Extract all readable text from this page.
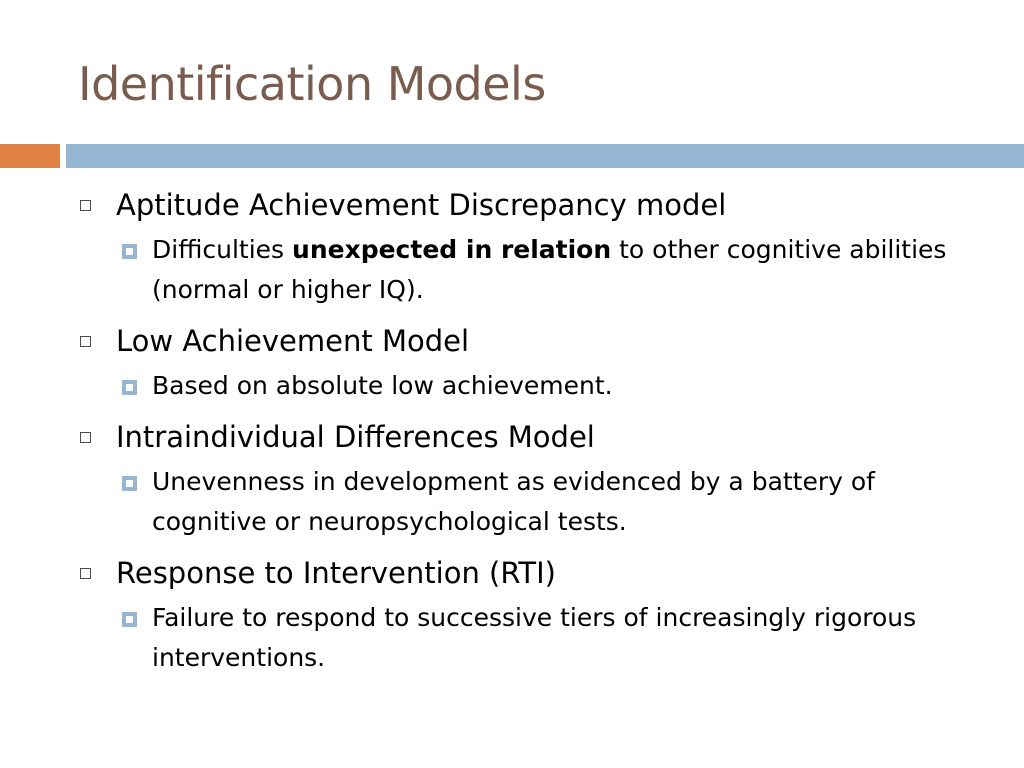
Identification Models
Aptitude Achievement Discrepancy model
Difficulties unexpected in relation to other cognitive abilities (normal or higher IQ).
Low Achievement Model
Based on absolute low achievement.
Intraindividual Differences Model
Unevenness in development as evidenced by a battery of cognitive or neuropsychological tests.
Response to Intervention (RTI)
Failure to respond to successive tiers of increasingly rigorous interventions.
